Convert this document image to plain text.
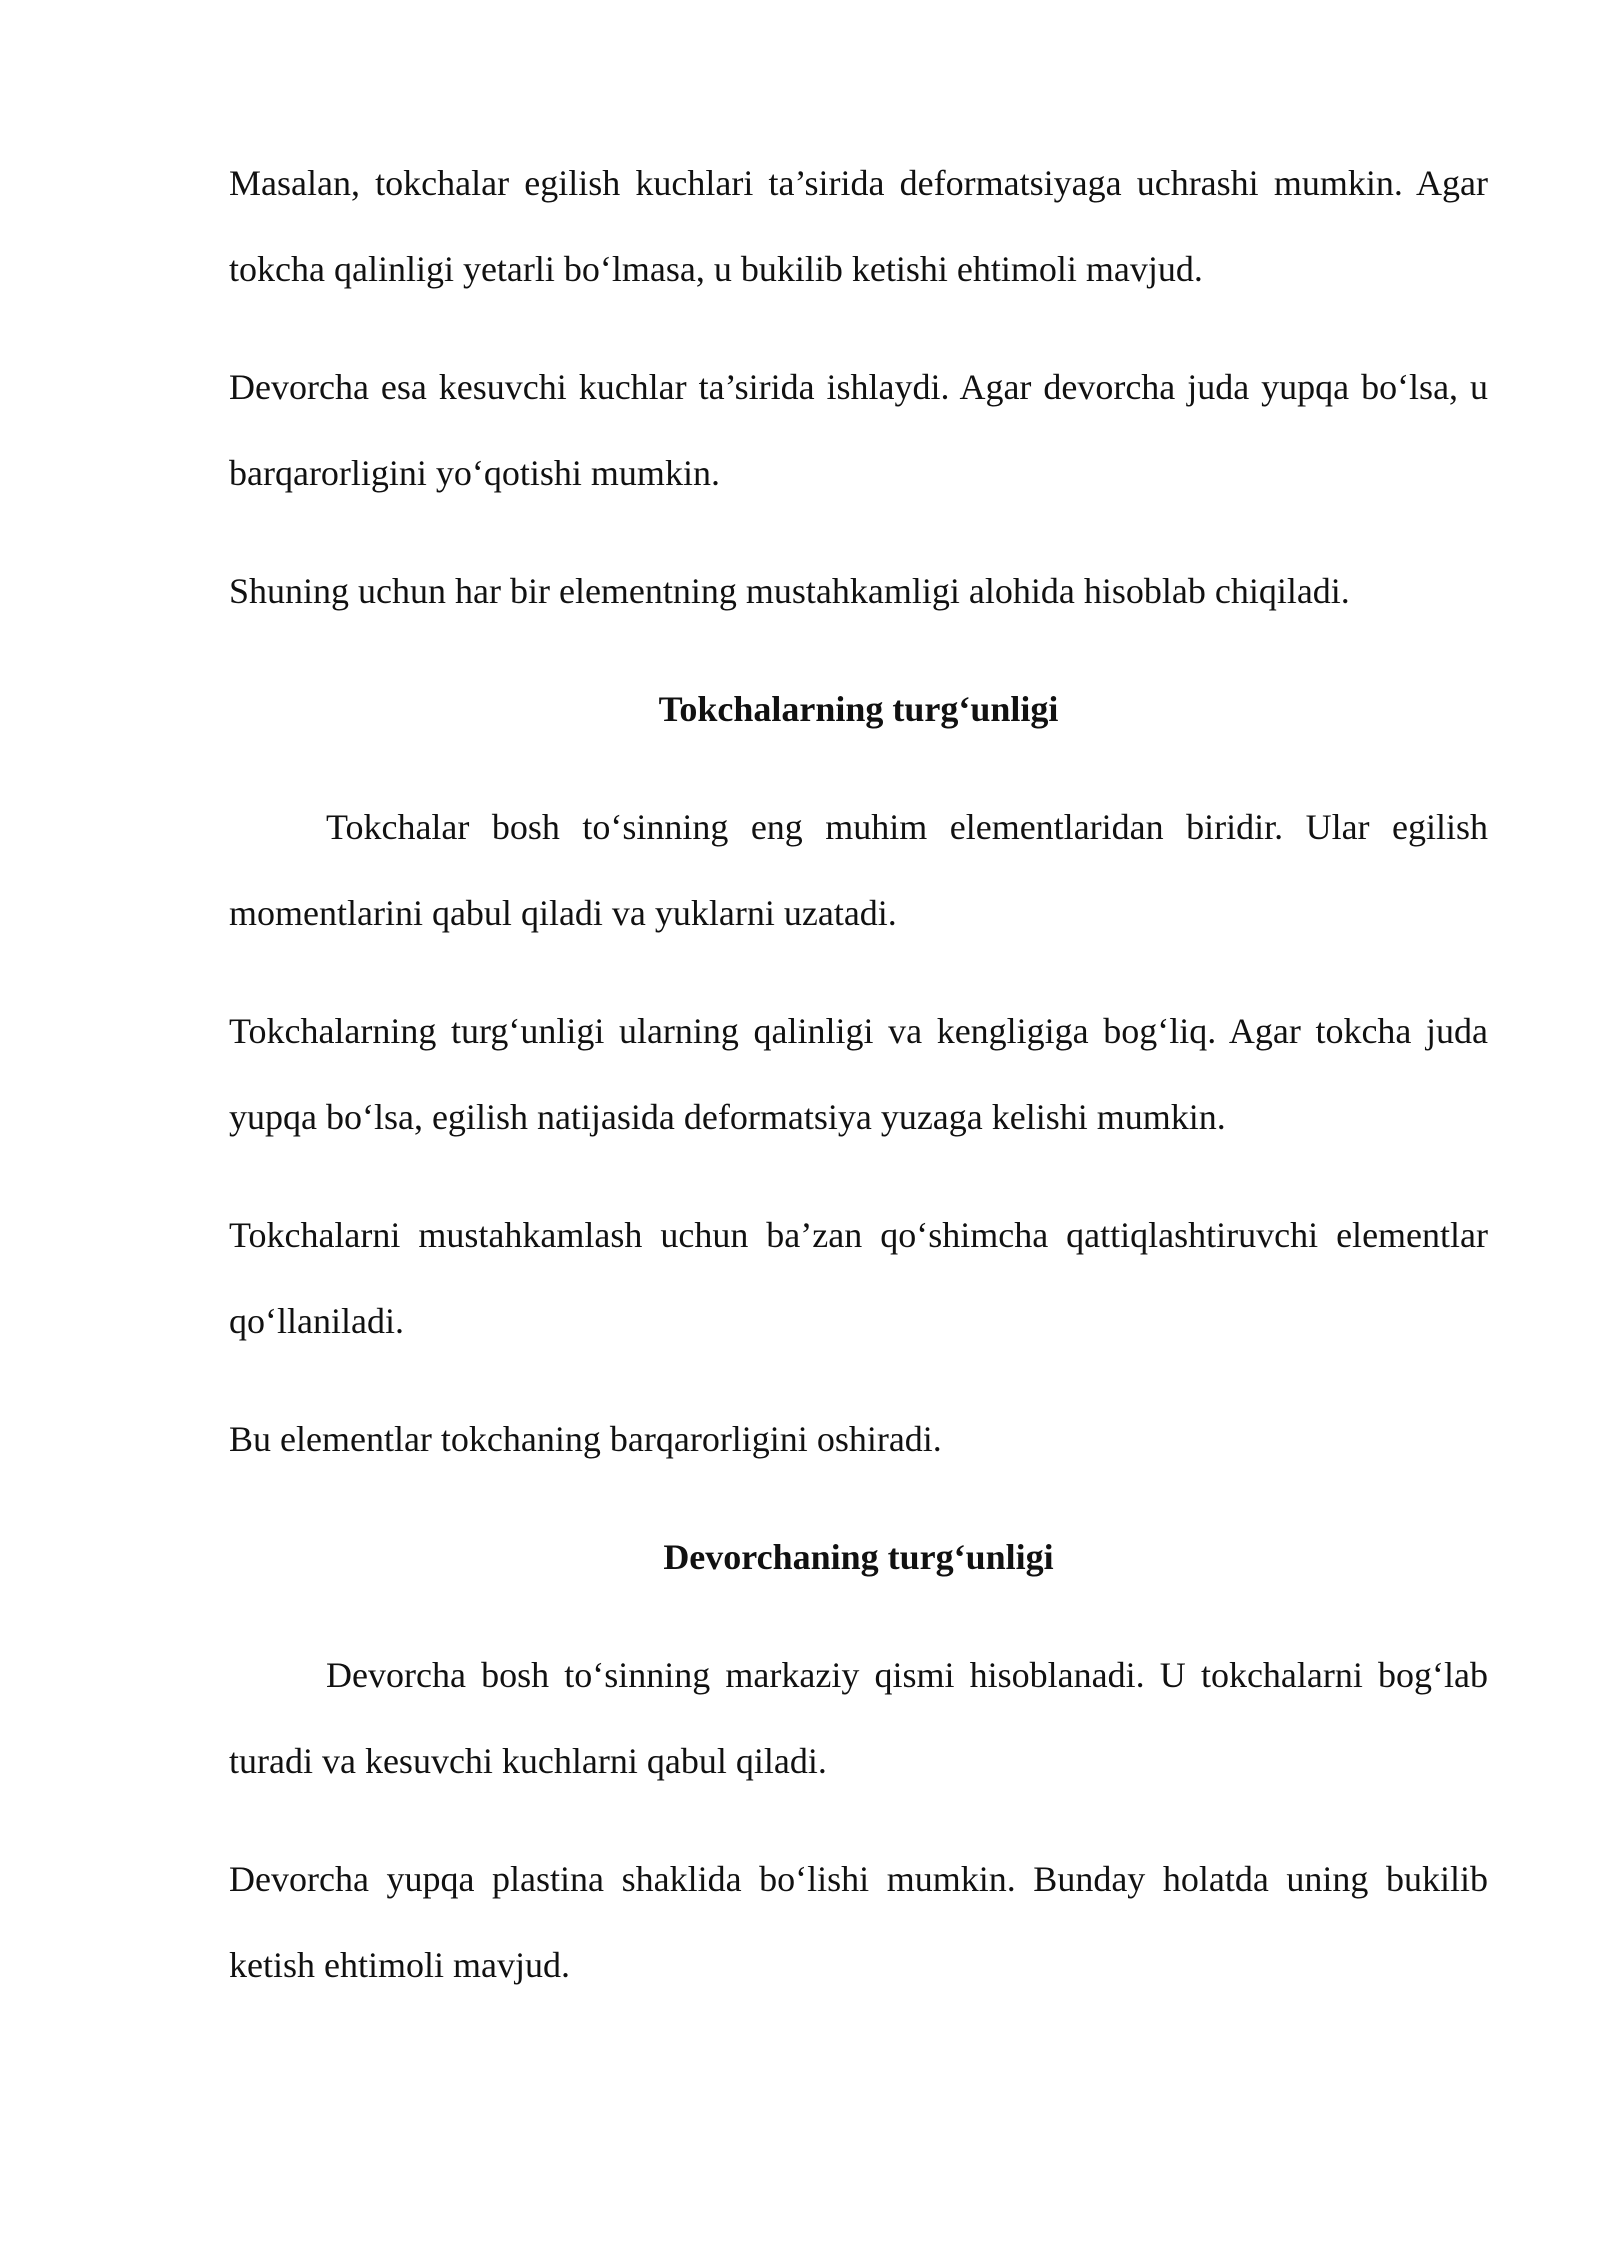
Masalan, tokchalar egilish kuchlari ta’sirida deformatsiyaga uchrashi mumkin. Agar tokcha qalinligi yetarli bo‘lmasa, u bukilib ketishi ehtimoli mavjud.

Devorcha esa kesuvchi kuchlar ta’sirida ishlaydi. Agar devorcha juda yupqa bo‘lsa, u barqarorligini yo‘qotishi mumkin.

Shuning uchun har bir elementning mustahkamligi alohida hisoblab chiqiladi.

Tokchalarning turg‘unligi

Tokchalar bosh to‘sinning eng muhim elementlaridan biridir. Ular egilish momentlarini qabul qiladi va yuklarni uzatadi.

Tokchalarning turg‘unligi ularning qalinligi va kengligiga bog‘liq. Agar tokcha juda yupqa bo‘lsa, egilish natijasida deformatsiya yuzaga kelishi mumkin.

Tokchalarni mustahkamlash uchun ba’zan qo‘shimcha qattiqlashtiruvchi elementlar qo‘llaniladi.

Bu elementlar tokchaning barqarorligini oshiradi.

Devorchaning turg‘unligi

Devorcha bosh to‘sinning markaziy qismi hisoblanadi. U tokchalarni bog‘lab turadi va kesuvchi kuchlarni qabul qiladi.

Devorcha yupqa plastina shaklida bo‘lishi mumkin. Bunday holatda uning bukilib ketish ehtimoli mavjud.
